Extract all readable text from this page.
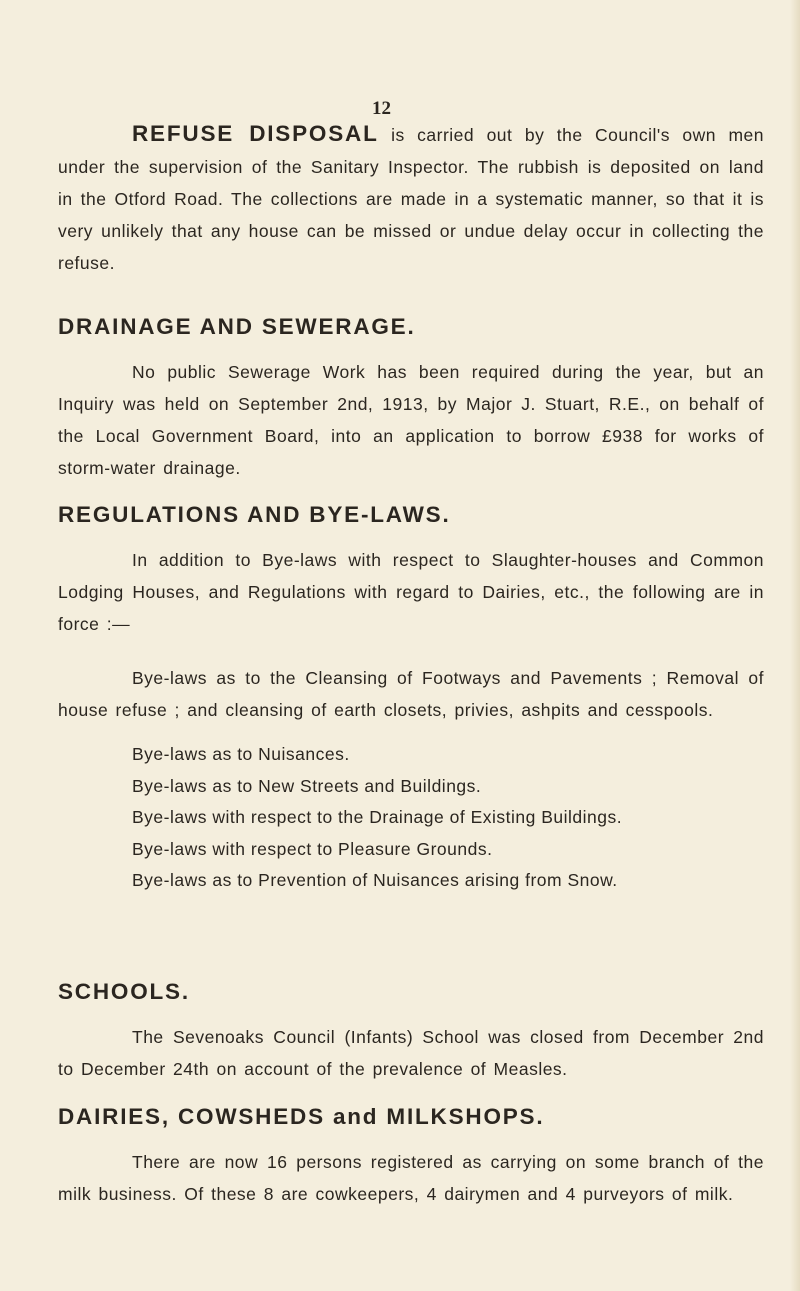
12

REFUSE DISPOSAL is carried out by the Council's own men under the supervision of the Sanitary Inspector. The rubbish is deposited on land in the Otford Road. The collections are made in a systematic manner, so that it is very unlikely that any house can be missed or undue delay occur in collecting the refuse.

DRAINAGE AND SEWERAGE.

No public Sewerage Work has been required during the year, but an Inquiry was held on September 2nd, 1913, by Major J. Stuart, R.E., on behalf of the Local Government Board, into an application to borrow £938 for works of storm-water drainage.

REGULATIONS AND BYE-LAWS.

In addition to Bye-laws with respect to Slaughter-houses and Common Lodging Houses, and Regulations with regard to Dairies, etc., the following are in force :—

Bye-laws as to the Cleansing of Footways and Pavements ; Removal of house refuse ; and cleansing of earth closets, privies, ashpits and cesspools.

Bye-laws as to Nuisances.

Bye-laws as to New Streets and Buildings.

Bye-laws with respect to the Drainage of Existing Buildings.

Bye-laws with respect to Pleasure Grounds.

Bye-laws as to Prevention of Nuisances arising from Snow.

SCHOOLS.

The Sevenoaks Council (Infants) School was closed from December 2nd to December 24th on account of the prevalence of Measles.

DAIRIES, COWSHEDS and MILKSHOPS.

There are now 16 persons registered as carrying on some branch of the milk business. Of these 8 are cowkeepers, 4 dairymen and 4 purveyors of milk.
